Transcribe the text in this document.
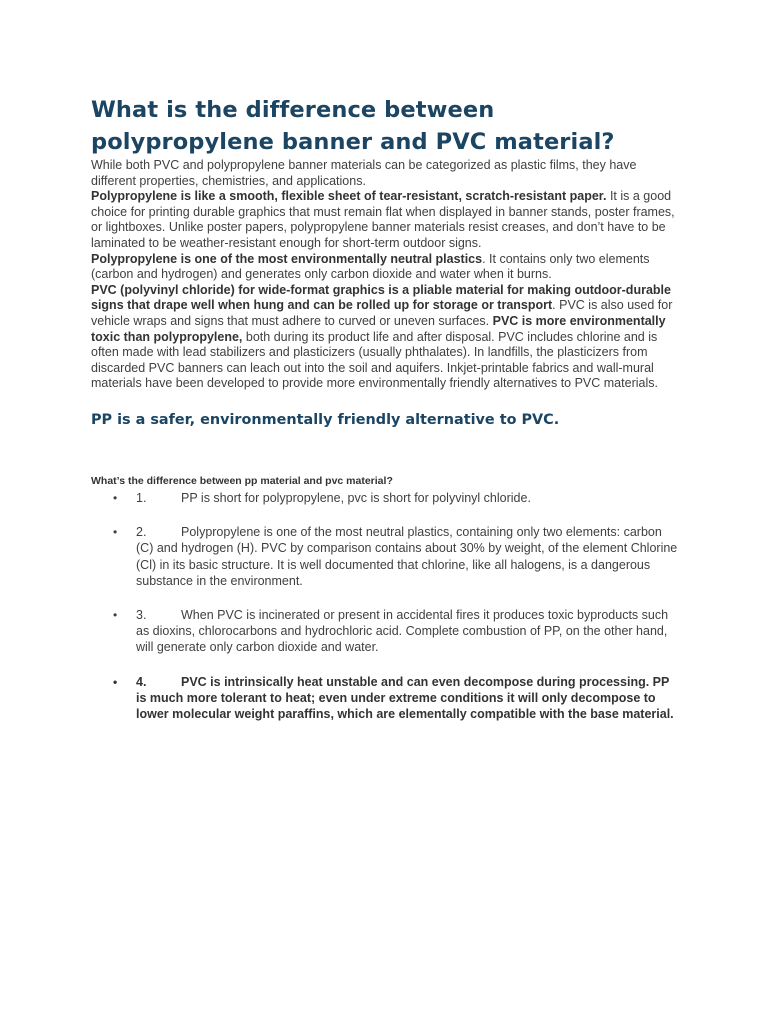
What is the difference between polypropylene banner and PVC material?

While both PVC and polypropylene banner materials can be categorized as plastic films, they have different properties, chemistries, and applications.

Polypropylene is like a smooth, flexible sheet of tear-resistant, scratch-resistant paper. It is a good choice for printing durable graphics that must remain flat when displayed in banner stands, poster frames, or lightboxes. Unlike poster papers, polypropylene banner materials resist creases, and don’t have to be laminated to be weather-resistant enough for short-term outdoor signs.
Polypropylene is one of the most environmentally neutral plastics. It contains only two elements (carbon and hydrogen) and generates only carbon dioxide and water when it burns.

PVC (polyvinyl chloride) for wide-format graphics is a pliable material for making outdoor-durable signs that drape well when hung and can be rolled up for storage or transport. PVC is also used for vehicle wraps and signs that must adhere to curved or uneven surfaces. PVC is more environmentally toxic than polypropylene, both during its product life and after disposal. PVC includes chlorine and is often made with lead stabilizers and plasticizers (usually phthalates). In landfills, the plasticizers from discarded PVC banners can leach out into the soil and aquifers. Inkjet-printable fabrics and wall-mural materials have been developed to provide more environmentally friendly alternatives to PVC materials.

PP is a safer, environmentally friendly alternative to PVC.
What’s the difference between pp material and pvc material?
• 1.	PP is short for polypropylene, pvc is short for polyvinyl chloride.
• 2.	Polypropylene is one of the most neutral plastics, containing only two elements: carbon (C) and hydrogen (H). PVC by comparison contains about 30% by weight, of the element Chlorine (Cl) in its basic structure. It is well documented that chlorine, like all halogens, is a dangerous substance in the environment.
• 3.	When PVC is incinerated or present in accidental fires it produces toxic byproducts such as dioxins, chlorocarbons and hydrochloric acid. Complete combustion of PP, on the other hand, will generate only carbon dioxide and water.
• 4.	PVC is intrinsically heat unstable and can even decompose during processing. PP is much more tolerant to heat; even under extreme conditions it will only decompose to lower molecular weight paraffins, which are elementally compatible with the base material.
